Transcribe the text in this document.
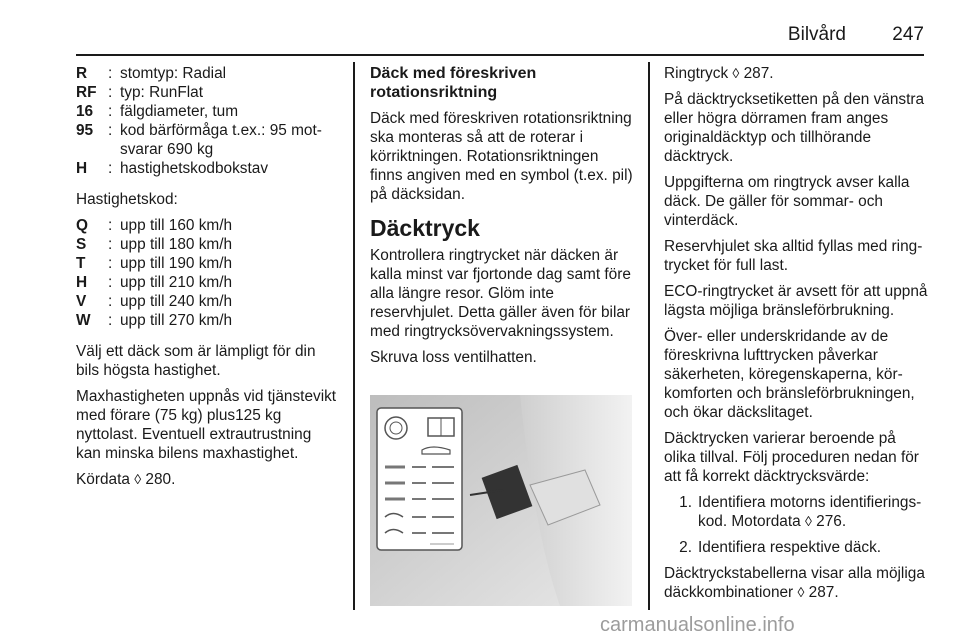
Bilvård 247
R	: stomtyp: Radial
RF : typ: RunFlat
16 : fälgdiameter, tum
95 : kod bärförmåga t.ex.: 95 motsvarar 690 kg
H	: hastighetskodbokstav
Hastighetskod:
Q	: upp till 160 km/h
S	: upp till 180 km/h
T	: upp till 190 km/h
H	: upp till 210 km/h
V	: upp till 240 km/h
W	: upp till 270 km/h
Välj ett däck som är lämpligt för din bils högsta hastighet.
Maxhastigheten uppnås vid tjänstevikt med förare (75 kg) plus125 kg nyttolast. Eventuell extrautrustning kan minska bilens maxhastighet.
Kördata ◊ 280.
Däck med föreskriven rotationsriktning
Däck med föreskriven rotationsriktning ska monteras så att de roterar i körriktningen. Rotationsriktningen finns angiven med en symbol (t.ex. pil) på däcksidan.
Däcktryck
Kontrollera ringtrycket när däcken är kalla minst var fjortonde dag samt före alla längre resor. Glöm inte reservhjulet. Detta gäller även för bilar med ringtrycksövervakningssystem.
Skruva loss ventilhatten.
Ringtryck ◊ 287.
På däcktrycksetiketten på den vänstra eller högra dörramen fram anges originaldäcktyp och tillhörande däcktryck.
Uppgifterna om ringtryck avser kalla däck. De gäller för sommar- och vinterdäck.
Reservhjulet ska alltid fyllas med ringtrycket för full last.
ECO-ringtrycket är avsett för att uppnå lägsta möjliga bränsleförbrukning.
Över- eller underskridande av de föreskrivna lufttrycken påverkar säkerheten, köregenskaperna, körkomforten och bränsleförbrukningen, och ökar däckslitaget.
Däcktrycken varierar beroende på olika tillval. Följ proceduren nedan för att få korrekt däcktrycksvärde:
1. Identifiera motorns identifieringskod. Motordata ◊ 276.
2. Identifiera respektive däck.
Däcktryckstabellerna visar alla möjliga däckkombinationer ◊ 287.
carmanualsonline.info
